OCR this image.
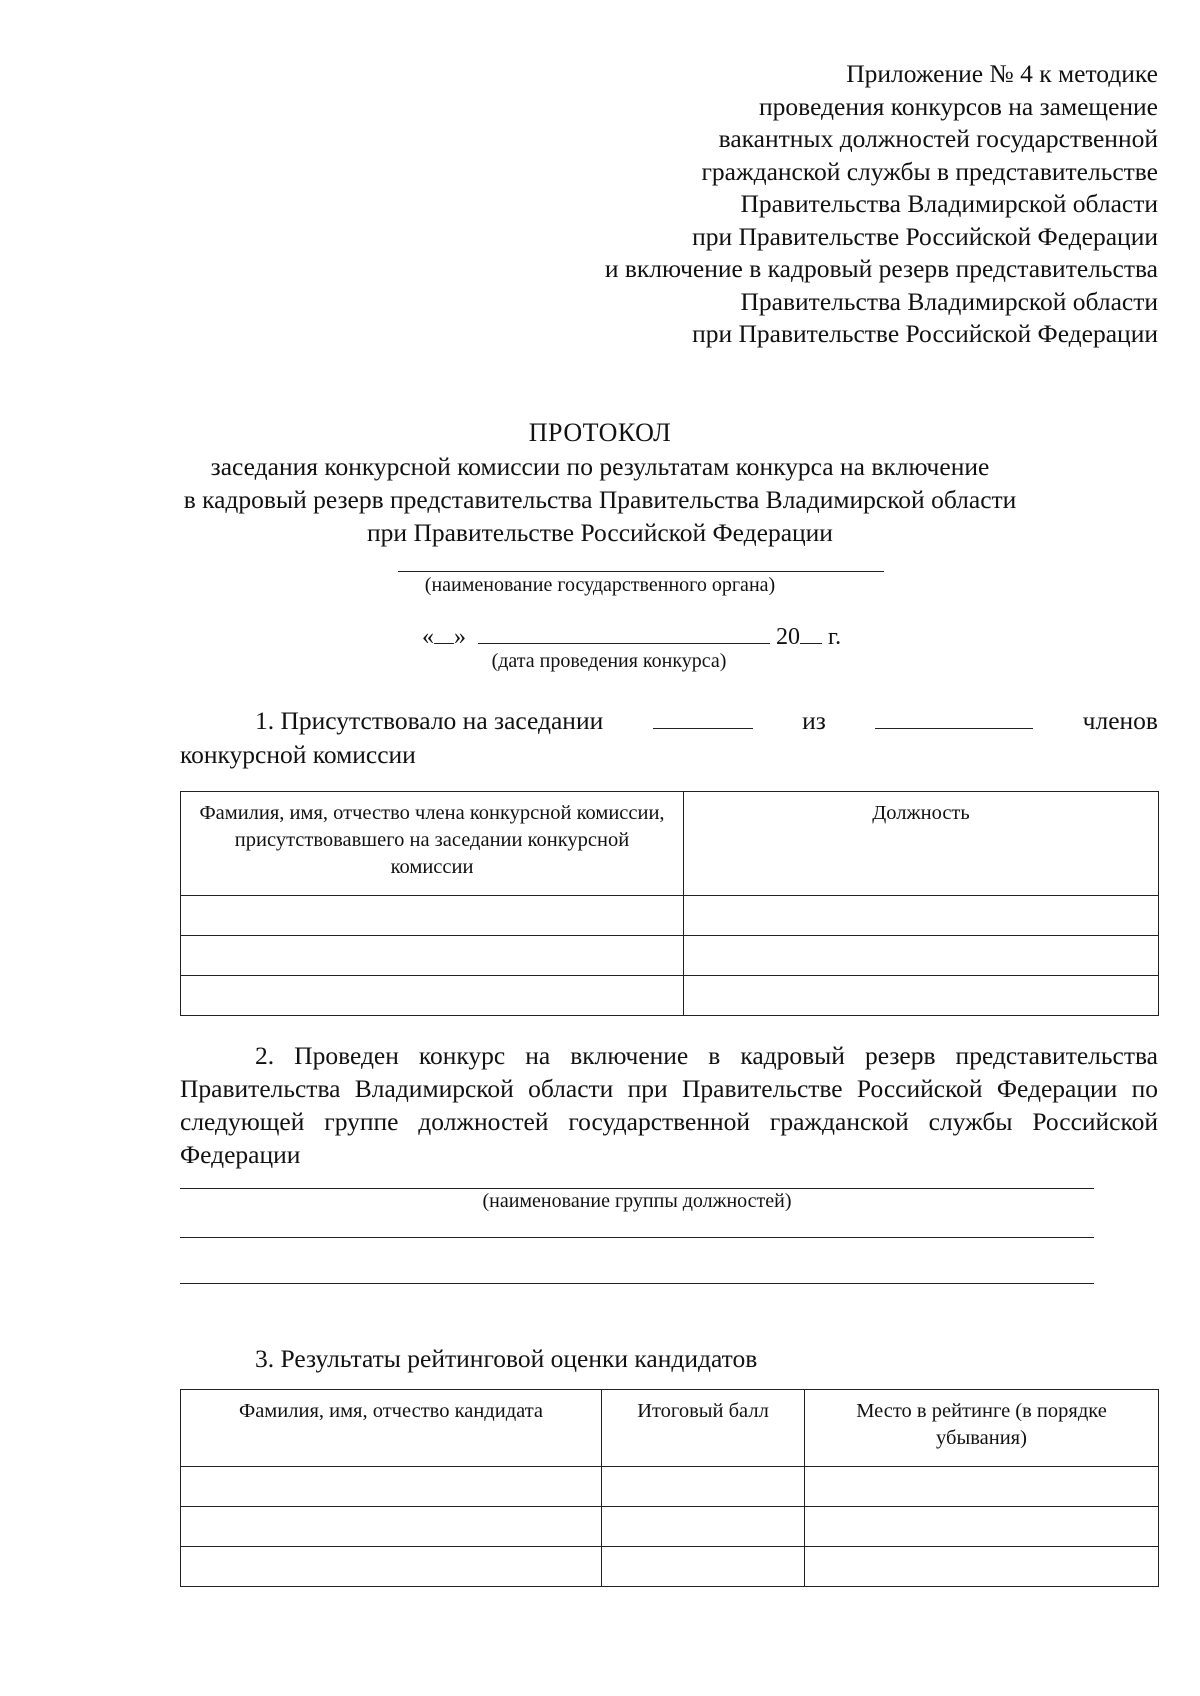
Приложение № 4 к методике
проведения конкурсов на замещение
вакантных должностей государственной
гражданской службы в представительстве
Правительства Владимирской области
при Правительстве Российской Федерации
и включение в кадровый резерв представительства
Правительства Владимирской области
при Правительстве Российской Федерации
ПРОТОКОЛ
заседания конкурсной комиссии по результатам конкурса на включение
в кадровый резерв представительства Правительства Владимирской области
при Правительстве Российской Федерации
(наименование государственного органа)
« »	20 г.
(дата проведения конкурса)
1. Присутствовало на заседании	из	членов
конкурсной комиссии
Фамилия, имя, отчество члена конкурсной комиссии, присутствовавшего на заседании конкурсной комиссии	Должность

2. Проведен конкурс на включение в кадровый резерв представительства Правительства Владимирской области при Правительстве Российской Федерации по следующей группе должностей государственной гражданской службы Российской Федерации
(наименование группы должностей)
3. Результаты рейтинговой оценки кандидатов
Фамилия, имя, отчество кандидата	Итоговый балл	Место в рейтинге (в порядке убывания)
